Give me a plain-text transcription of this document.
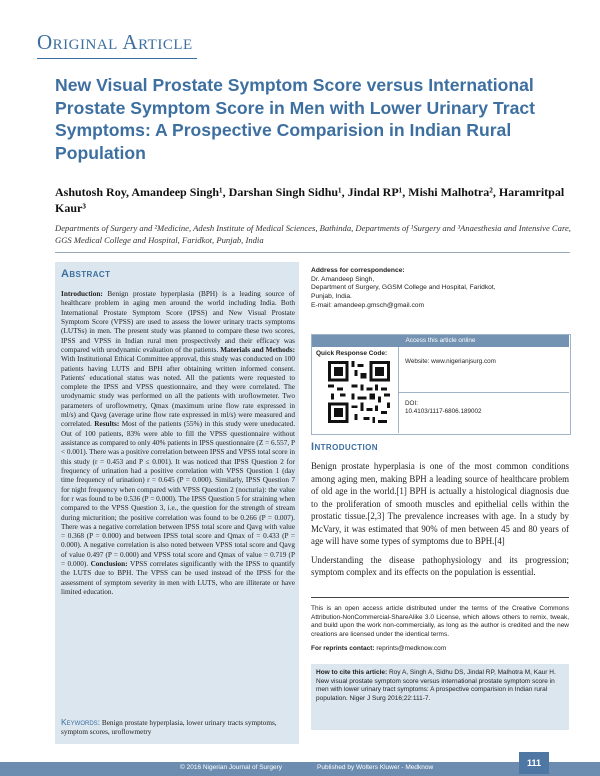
Original Article
New Visual Prostate Symptom Score versus International Prostate Symptom Score in Men with Lower Urinary Tract Symptoms: A Prospective Comparision in Indian Rural Population
Ashutosh Roy, Amandeep Singh¹, Darshan Singh Sidhu¹, Jindal RP¹, Mishi Malhotra², Haramritpal Kaur³
Departments of Surgery and ²Medicine, Adesh Institute of Medical Sciences, Bathinda, Departments of ¹Surgery and ³Anaesthesia and Intensive Care, GGS Medical College and Hospital, Faridkot, Punjab, India
Abstract
Introduction: Benign prostate hyperplasia (BPH) is a leading source of healthcare problem in aging men around the world including India. Both International Prostate Symptom Score (IPSS) and New Visual Prostate Symptom Score (VPSS) are used to assess the lower urinary tracts symptoms (LUTSs) in men. The present study was planned to compare these two scores, IPSS and VPSS in Indian rural men prospectively and their efficacy was compared with urodynamic evaluation of the patients. Materials and Methods: With Institutional Ethical Committee approval, this study was conducted on 100 patients having LUTS and BPH after obtaining written informed consent. Patients' educational status was noted. All the patients were requested to complete the IPSS and VPSS questionnaire, and they were correlated. The urodynamic study was performed on all the patients with uroflowmeter. Two parameters of uroflowmetry, Qmax (maximum urine flow rate expressed in ml/s) and Qavg (average urine flow rate expressed in ml/s) were measured and correlated. Results: Most of the patients (55%) in this study were uneducated. Out of 100 patients, 83% were able to fill the VPSS questionnaire without assistance as compared to only 40% patients in IPSS questionnaire (Z = 6.557, P < 0.001). There was a positive correlation between IPSS and VPSS total score in this study (r = 0.453 and P ≤ 0.001). It was noticed that IPSS Question 2 for frequency of urination had a positive correlation with VPSS Question 1 (day time frequency of urination) r = 0.645 (P = 0.000). Similarly, IPSS Question 7 for night frequency when compared with VPSS Question 2 (nocturia): the value for r was found to be 0.536 (P = 0.000). The IPSS Question 5 for straining when compared to the VPSS Question 3, i.e., the question for the strength of stream during micturition; the positive correlation was found to be 0.266 (P = 0.007). There was a negative correlation between IPSS total score and Qavg with value = 0.368 (P = 0.000) and between IPSS total score and Qmax of = 0.433 (P = 0.000). A negative correlation is also noted between VPSS total score and Qavg of value 0.497 (P = 0.000) and VPSS total score and Qmax of value = 0.719 (P = 0.000). Conclusion: VPSS correlates significantly with the IPSS to quantify the LUTS due to BPH. The VPSS can be used instead of the IPSS for the assessment of symptom severity in men with LUTS, who are illiterate or have limited education.
Keywords: Benign prostate hyperplasia, lower urinary tracts symptoms, symptom scores, uroflowmetry
Address for correspondence:
Dr. Amandeep Singh,
Department of Surgery, GGSM College and Hospital, Faridkot,
Punjab, India.
E-mail: amandeep.gmsch@gmail.com
Access this article online
Quick Response Code:
Website: www.nigerianjsurg.com
DOI:
10.4103/1117-6806.189002
Introduction

Benign prostate hyperplasia is one of the most common conditions among aging men, making BPH a leading source of healthcare problem of old age in the world.[1] BPH is actually a histological diagnosis due to the proliferation of smooth muscles and epithelial cells within the prostatic tissue.[2,3] The prevalence increases with age. In a study by McVary, it was estimated that 90% of men between 45 and 80 years of age will have some types of symptoms due to BPH.[4]

Understanding the disease pathophysiology and its progression; symptom complex and its effects on the population is essential.

This is an open access article distributed under the terms of the Creative Commons Attribution-NonCommercial-ShareAlike 3.0 License, which allows others to remix, tweak, and build upon the work non-commercially, as long as the author is credited and the new creations are licensed under the identical terms.
For reprints contact: reprints@medknow.com
How to cite this article: Roy A, Singh A, Sidhu DS, Jindal RP, Malhotra M, Kaur H. New visual prostate symptom score versus international prostate symptom score in men with lower urinary tract symptoms: A prospective comparision in Indian rural population. Niger J Surg 2016;22:111-7.
© 2016 Nigerian Journal of Surgery	Published by Wolters Kluwer - Medknow	111
